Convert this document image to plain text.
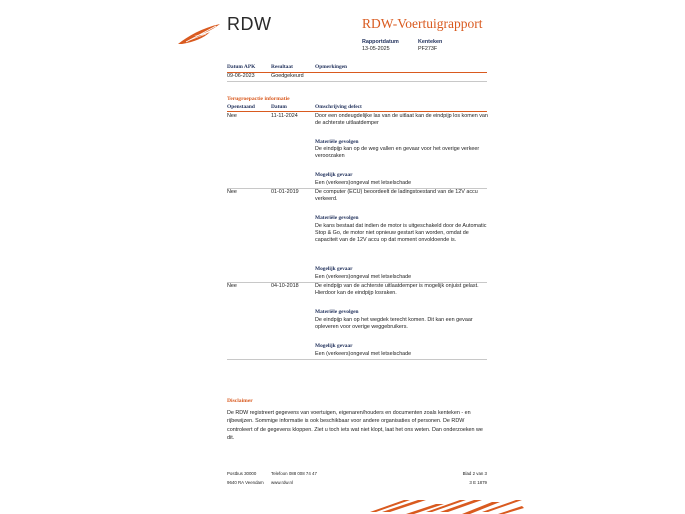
RDW	RDW-Voertuigrapport
Rapportdatum
13-05-2025
Kenteken
PF273F
Datum APK	Resultaat	Opmerkingen
09-06-2023	Goedgekeurd
Terugroepactie informatie
Openstaand	Datum	Omschrijving defect
Nee	11-11-2024	Door een ondeugdelijke las van de uitlaat kan de eindpijp los komen van de achterste uitlaatdemper
Materiële gevolgen
De eindpijp kan op de weg vallen en gevaar voor het overige verkeer veroorzaken
Mogelijk gevaar
Een (verkeers)ongeval met letselschade
Nee	01-01-2019	De computer (ECU) beoordeelt de ladingstoestand van de 12V accu verkeerd.
Materiële gevolgen
De kans bestaat dat indien de motor is uitgeschakeld door de Automatic Stop & Go, de motor niet opnieuw gestart kan worden, omdat de capaciteit van de 12V accu op dat moment onvoldoende is.
Mogelijk gevaar
Een (verkeers)ongeval met letselschade
Nee	04-10-2018	De eindpijp van de achterste uitlaatdemper is mogelijk onjuist gelast. Hierdoor kan de eindpijp losraken.
Materiële gevolgen
De eindpijp kan op het wegdek terecht komen. Dit kan een gevaar opleveren voor overige weggebruikers.
Mogelijk gevaar
Een (verkeers)ongeval met letselschade
Disclaimer
De RDW registreert gegevens van voertuigen, eigenaren/houders en documenten zoals kenteken - en rijbewijzen. Sommige informatie is ook beschikbaar voor andere organisaties of personen. De RDW controleert of de gegevens kloppen. Ziet u toch iets wat niet klopt, laat het ons weten. Dan onderzoeken we dit.
Postbus 30000
9640 RA Veendam
Telefoon 088 008 74 47
www.rdw.nl
Blad 2 van 3
3 E 1879
